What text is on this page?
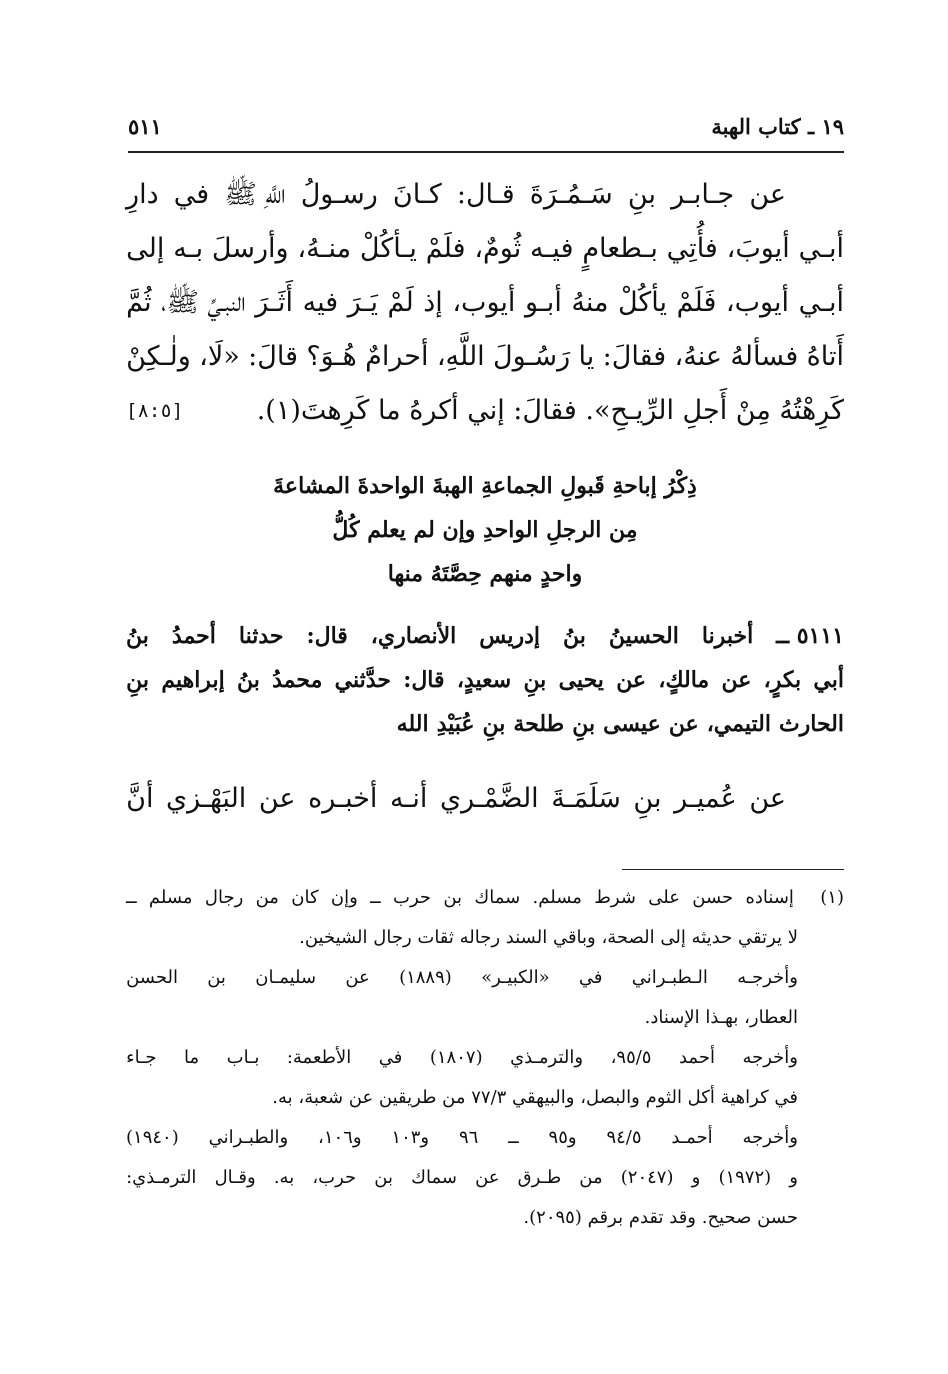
١٩ ـ كتاب الهبة
٥١١
عن
جـابـر
بنِ
سَـمُـرَةَ
قـال:
كـانَ
رسـولُ
اللَّهِ ﷺ
في
دارِ
أبـي
أيوبَ،
فأُتِي
بـطعامٍ
فيـه
ثُومٌ،
فلَمْ
يـأكُلْ
منـهُ،
وأرسلَ
بـه
إلى
أبـي
أيوب،
فَلَمْ
يأكُلْ
منهُ
أبـو
أيوب،
إذ
لَمْ
يَـرَ
فيه
أَثَـرَ
النبـيِّ ﷺ،
ثُمَّ
أَتاهُ
فسألهُ
عنهُ،
فقالَ:
يا
رَسُـولَ
اللَّهِ،
أحرامٌ
هُـوَ؟
قالَ:
«لَا،
ولٰـكِنْ
كَرِهْتُهُ مِنْ أَجلِ الرِّيـحِ». فقالَ: إني أكرهُ ما كَرِهتَ(١).
[٨:٥]
ذِكْرُ إباحةِ قَبولِ الجماعةِ الهبةَ الواحدةَ المشاعةَ
مِن الرجلِ الواحدِ وإن لم يعلم كُلُّ
واحدٍ منهم حِصَّتَهُ منها
٥١١١ ــ
أخبرنا
الحسينُ
بنُ
إدريس
الأنصاري،
قال:
حدثنا
أحمدُ
بنُ
أبي
بكرٍ،
عن
مالكٍ،
عن
يحيى
بنِ
سعيدٍ،
قال:
حدَّثني
محمدُ
بنُ
إبراهيم
بنِ
الحارث
التيمي،
عن
عيسى
بنِ
طلحة
بنِ
عُبَيْدِ
الله
عن
عُميـر
بنِ
سَلَمَـةَ
الضَّمْـري
أنـه
أخبـره
عن
البَهْـزي
أنَّ
(١)
إسناده
حسن
على
شرط
مسلم.
سماك
بن
حرب
ــ
وإن
كان
من
رجال
مسلم
ــ
لا يرتقي حديثه إلى الصحة، وباقي السند رجاله ثقات رجال الشيخين.
وأخرجـه
الـطبـراني
في
«الكبيـر»
(١٨٨٩)
عن
سليمـان
بن
الحسن
العطار، بهـذا الإسناد.
وأخرجه
أحمد
٩٥/٥،
والترمـذي
(١٨٠٧)
في
الأطعمة:
بـاب
ما
جـاء
في كراهية أكل الثوم والبصل، والبيهقي ٧٧/٣ من طريقين عن شعبة، به.
وأخرجه
أحمـد
٩٤/٥
و٩٥
ــ
٩٦
و١٠٣
و١٠٦،
والطبـراني
(١٩٤٠)
و
(١٩٧٢)
و
(٢٠٤٧)
من
طـرق
عن
سماك
بن
حرب،
به.
وقـال
الترمـذي:
حسن صحيح. وقد تقدم برقم (٢٠٩٥).
